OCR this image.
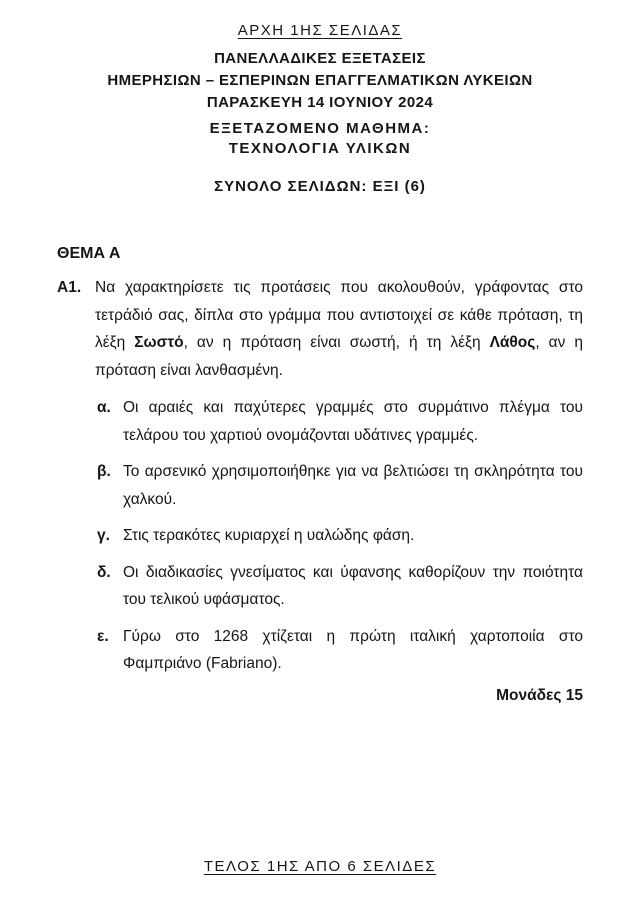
ΑΡΧΗ 1ΗΣ ΣΕΛΙΔΑΣ
ΠΑΝΕΛΛΑΔΙΚΕΣ ΕΞΕΤΑΣΕΙΣ
ΗΜΕΡΗΣΙΩΝ – ΕΣΠΕΡΙΝΩΝ ΕΠΑΓΓΕΛΜΑΤΙΚΩΝ ΛΥΚΕΙΩΝ
ΠΑΡΑΣΚΕΥΗ 14 ΙΟΥΝΙΟΥ 2024
ΕΞΕΤΑΖΟΜΕΝΟ ΜΑΘΗΜΑ:
ΤΕΧΝΟΛΟΓΙΑ ΥΛΙΚΩΝ
ΣΥΝΟΛΟ ΣΕΛΙΔΩΝ: ΕΞΙ (6)
ΘΕΜΑ Α
Α1. Να χαρακτηρίσετε τις προτάσεις που ακολουθούν, γράφοντας στο τετράδιό σας, δίπλα στο γράμμα που αντιστοιχεί σε κάθε πρόταση, τη λέξη Σωστό, αν η πρόταση είναι σωστή, ή τη λέξη Λάθος, αν η πρόταση είναι λανθασμένη.
α. Οι αραιές και παχύτερες γραμμές στο συρμάτινο πλέγμα του τελάρου του χαρτιού ονομάζονται υδάτινες γραμμές.
β. Το αρσενικό χρησιμοποιήθηκε για να βελτιώσει τη σκληρότητα του χαλκού.
γ. Στις τερακότες κυριαρχεί η υαλώδης φάση.
δ. Οι διαδικασίες γνεσίματος και ύφανσης καθορίζουν την ποιότητα του τελικού υφάσματος.
ε. Γύρω στο 1268 χτίζεται η πρώτη ιταλική χαρτοποιία στο Φαμπριάνο (Fabriano).
Μονάδες 15
ΤΕΛΟΣ 1ΗΣ ΑΠΟ 6 ΣΕΛΙΔΕΣ
